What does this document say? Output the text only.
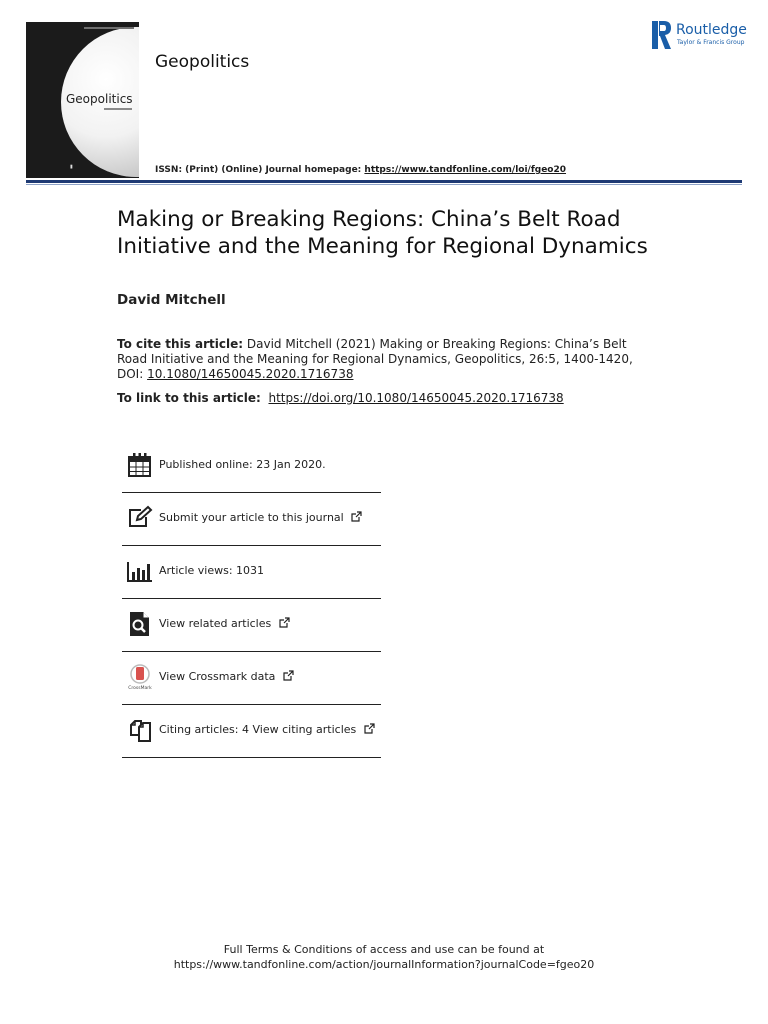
Geopolitics
▮
Geopolitics
ISSN: (Print) (Online) Journal homepage: https://www.tandfonline.com/loi/fgeo20
Routledge
Taylor & Francis Group
Making or Breaking Regions: China’s Belt Road Initiative and the Meaning for Regional Dynamics
David Mitchell
To cite this article: David Mitchell (2021) Making or Breaking Regions: China’s Belt Road Initiative and the Meaning for Regional Dynamics, Geopolitics, 26:5, 1400-1420, DOI: 10.1080/14650045.2020.1716738
To link to this article: https://doi.org/10.1080/14650045.2020.1716738
Published online: 23 Jan 2020.
Submit your article to this journal
Article views: 1031
View related articles
CrossMark
View Crossmark data
Citing articles: 4 View citing articles
Full Terms & Conditions of access and use can be found at
https://www.tandfonline.com/action/journalInformation?journalCode=fgeo20
